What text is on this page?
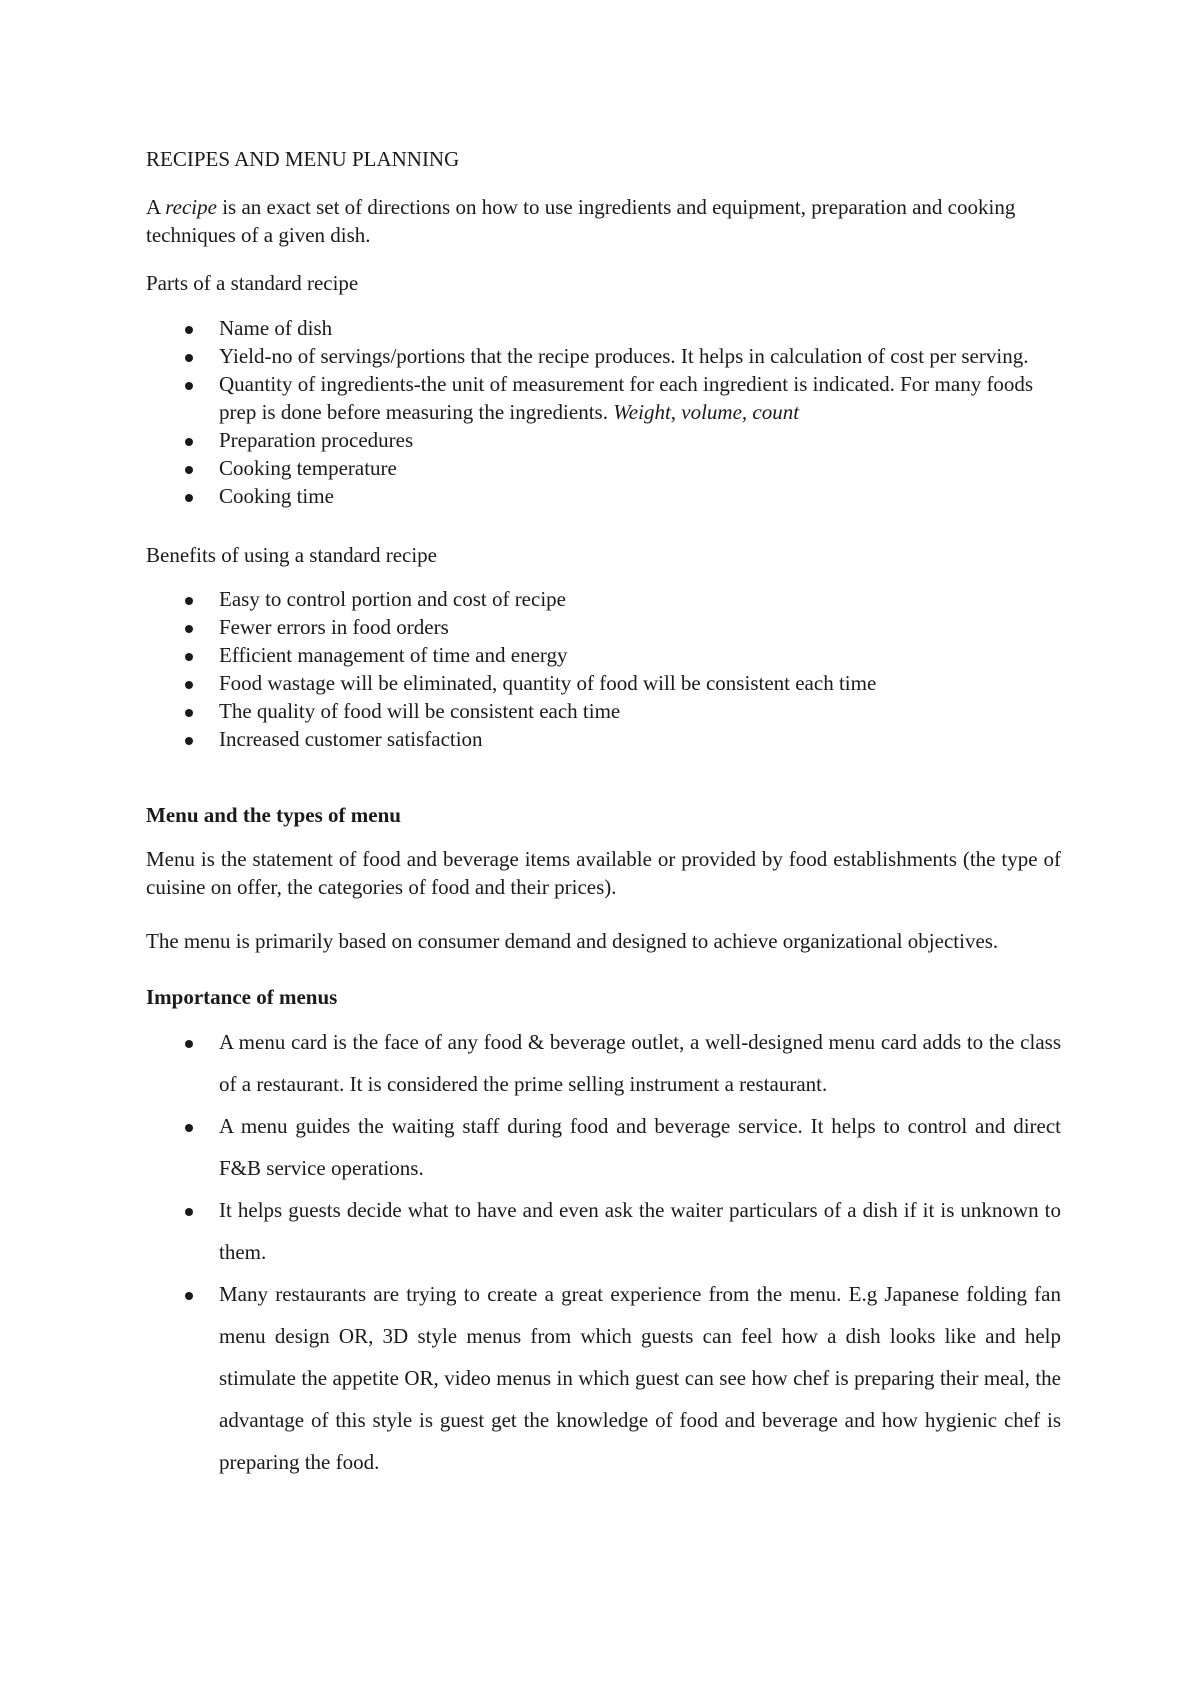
RECIPES AND MENU PLANNING
A recipe is an exact set of directions on how to use ingredients and equipment, preparation and cooking techniques of a given dish.
Parts of a standard recipe
Name of dish
Yield-no of servings/portions that the recipe produces. It helps in calculation of cost per serving.
Quantity of ingredients-the unit of measurement for each ingredient is indicated. For many foods prep is done before measuring the ingredients. Weight, volume, count
Preparation procedures
Cooking temperature
Cooking time
Benefits of using a standard recipe
Easy to control portion and cost of recipe
Fewer errors in food orders
Efficient management of time and energy
Food wastage will be eliminated, quantity of food will be consistent each time
The quality of food will be consistent each time
Increased customer satisfaction
Menu and the types of menu
Menu is the statement of food and beverage items available or provided by food establishments (the type of cuisine on offer, the categories of food and their prices).
The menu is primarily based on consumer demand and designed to achieve organizational objectives.
Importance of menus
A menu card is the face of any food & beverage outlet, a well-designed menu card adds to the class of a restaurant. It is considered the prime selling instrument a restaurant.
A menu guides the waiting staff during food and beverage service. It helps to control and direct F&B service operations.
It helps guests decide what to have and even ask the waiter particulars of a dish if it is unknown to them.
Many restaurants are trying to create a great experience from the menu. E.g Japanese folding fan menu design OR, 3D style menus from which guests can feel how a dish looks like and help stimulate the appetite OR, video menus in which guest can see how chef is preparing their meal, the advantage of this style is guest get the knowledge of food and beverage and how hygienic chef is preparing the food.
